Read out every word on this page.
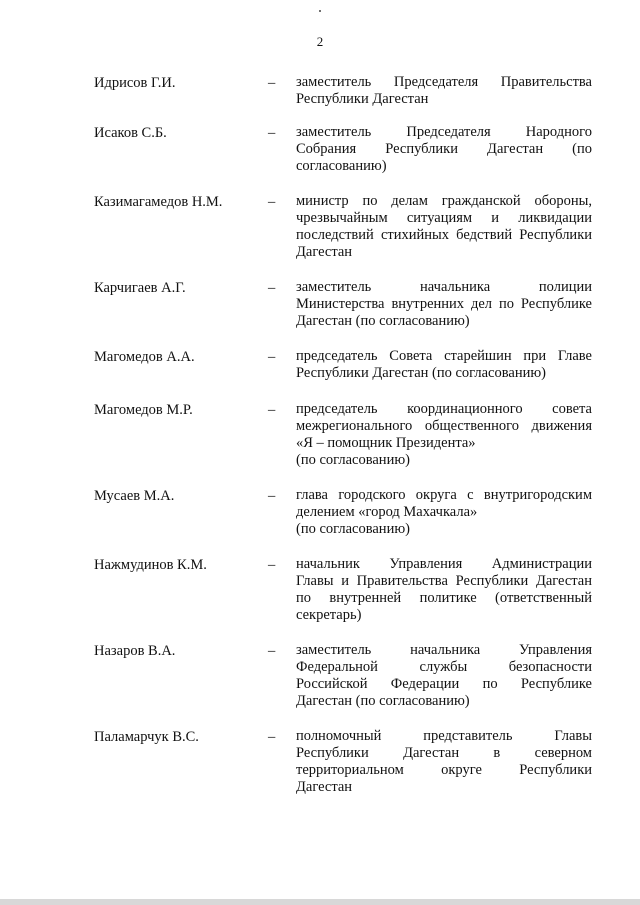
2
Идрисов Г.И.	– заместитель Председателя Правительства
Республики Дагестан
Исаков С.Б.	– заместитель Председателя Народного
Собрания Республики Дагестан (по
согласованию)
Казимагамедов Н.М.	– министр по делам гражданской обороны,
чрезвычайным ситуациям и ликвидации
последствий стихийных бедствий Республики
Дагестан
Карчигаев А.Г.	– заместитель начальника полиции
Министерства внутренних дел по Республике
Дагестан (по согласованию)
Магомедов А.А.	– председатель Совета старейшин при Главе
Республики Дагестан (по согласованию)
Магомедов М.Р.	– председатель координационного совета
межрегионального общественного движения
«Я – помощник Президента»
(по согласованию)
Мусаев М.А.	– глава городского округа с внутригородским
делением «город Махачкала»
(по согласованию)
Нажмудинов К.М.	– начальник Управления Администрации
Главы и Правительства Республики Дагестан
по внутренней политике (ответственный
секретарь)
Назаров В.А.	– заместитель начальника Управления
Федеральной службы безопасности
Российской Федерации по Республике
Дагестан (по согласованию)
Паламарчук В.С.	– полномочный представитель Главы
Республики Дагестан в северном
территориальном округе Республики
Дагестан
